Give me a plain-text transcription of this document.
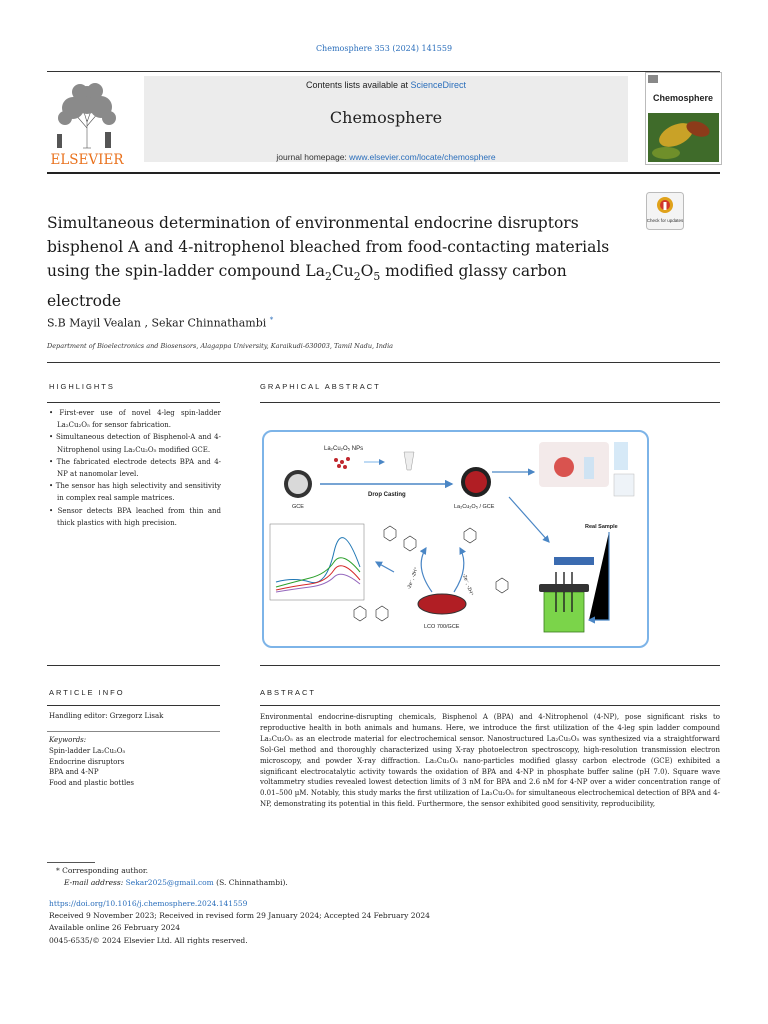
Chemosphere 353 (2024) 141559
ELSEVIER
Contents lists available at ScienceDirect
Chemosphere
journal homepage: www.elsevier.com/locate/chemosphere
Chemosphere
Check for updates
Simultaneous determination of environmental endocrine disruptors bisphenol A and 4-nitrophenol bleached from food-contacting materials using the spin-ladder compound $La_2Cu_2O_5$ modified glassy carbon electrode
S.B Mayil Vealan , Sekar Chinnathambi *
Department of Bioelectronics and Biosensors, Alagappa University, Karaikudi-630003, Tamil Nadu, India
HIGHLIGHTS
• First-ever use of novel 4-leg spin-ladder La₂Cu₂O₅ for sensor fabrication.
• Simultaneous detection of Bisphenol-A and 4-Nitrophenol using La₂Cu₂O₅ modified GCE.
• The fabricated electrode detects BPA and 4-NP at nanomolar level.
• The sensor has high selectivity and sensitivity in complex real sample matrices.
• Sensor detects BPA leached from thin and thick plastics with high precision.
GRAPHICAL ABSTRACT
La₂Cu₂O₅ NPs
GCE
Drop Casting
La₂Cu₂O₅ / GCE
Real Sample
LCO 700/GCE
-2e⁻, -2H⁺	-2e⁻, -2H⁺
ARTICLE INFO	ABSTRACT
Handling editor: Grzegorz Lisak
Keywords:
Spin-ladder La₂Cu₂O₅
Endocrine disruptors
BPA and 4-NP
Food and plastic bottles

Environmental endocrine-disrupting chemicals, Bisphenol A (BPA) and 4-Nitrophenol (4-NP), pose significant risks to reproductive health in both animals and humans. Here, we introduce the first utilization of the 4-leg spin ladder compound La₂Cu₂O₅ as an electrode material for electrochemical sensor. Nanostructured La₂Cu₂O₅ was synthesized via a straightforward Sol-Gel method and thoroughly characterized using X-ray photoelectron spectroscopy, high-resolution transmission electron microscopy, and powder X-ray diffraction. La₂Cu₂O₅ nano-particles modified glassy carbon electrode (GCE) exhibited a significant electrocatalytic activity towards the oxidation of BPA and 4-NP in phosphate buffer saline (pH 7.0). Square wave voltammetry studies revealed lowest detection limits of 3 nM for BPA and 2.6 nM for 4-NP over a wider concentration range of 0.01–500 µM. Notably, this study marks the first utilization of La₂Cu₂O₅ for simultaneous electrochemical detection of BPA and 4-NP, demonstrating its potential in this field. Furthermore, the sensor exhibited good sensitivity, reproducibility,

* Corresponding author.
E-mail address: Sekar2025@gmail.com (S. Chinnathambi).
https://doi.org/10.1016/j.chemosphere.2024.141559
Received 9 November 2023; Received in revised form 29 January 2024; Accepted 24 February 2024
Available online 26 February 2024
0045-6535/© 2024 Elsevier Ltd. All rights reserved.
